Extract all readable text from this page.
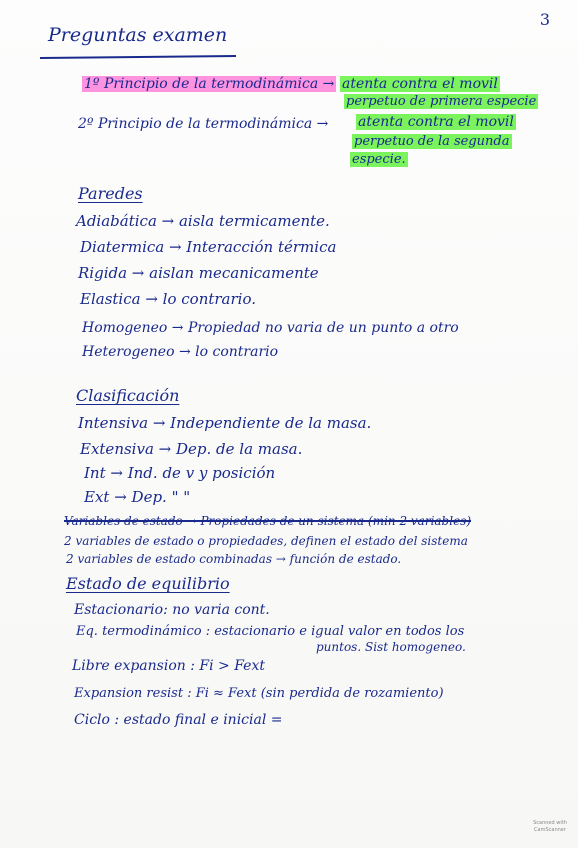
3
Preguntas examen
1º Principio de la termodinámica → atenta contra el movil
perpetuo de primera especie
2º Principio de la termodinámica → atenta contra el movil
perpetuo de la segunda
especie.
Paredes
Adiabática → aisla termicamente.
Diatermica → Interacción térmica
Rigida → aislan mecanicamente
Elastica → lo contrario.
Homogeneo → Propiedad no varia de un punto a otro
Heterogeneo → lo contrario
Clasificación
Intensiva → Independiente de la masa.
Extensiva → Dep. de la masa.
Int → Ind. de v y posición
Ext → Dep. " "
Variables de estado → Propiedades de un sistema (min 2 variables)
2 variables de estado o propiedades, definen el estado del sistema
2 variables de estado combinadas → función de estado.
Estado de equilibrio
Estacionario: no varia cont.
Eq. termodinámico : estacionario e igual valor en todos los
puntos. Sist homogeneo.
Libre expansion : Fi > Fext
Expansion resist : Fi ≈ Fext (sin perdida de rozamiento)
Ciclo : estado final e inicial =
Scanned with
CamScanner
